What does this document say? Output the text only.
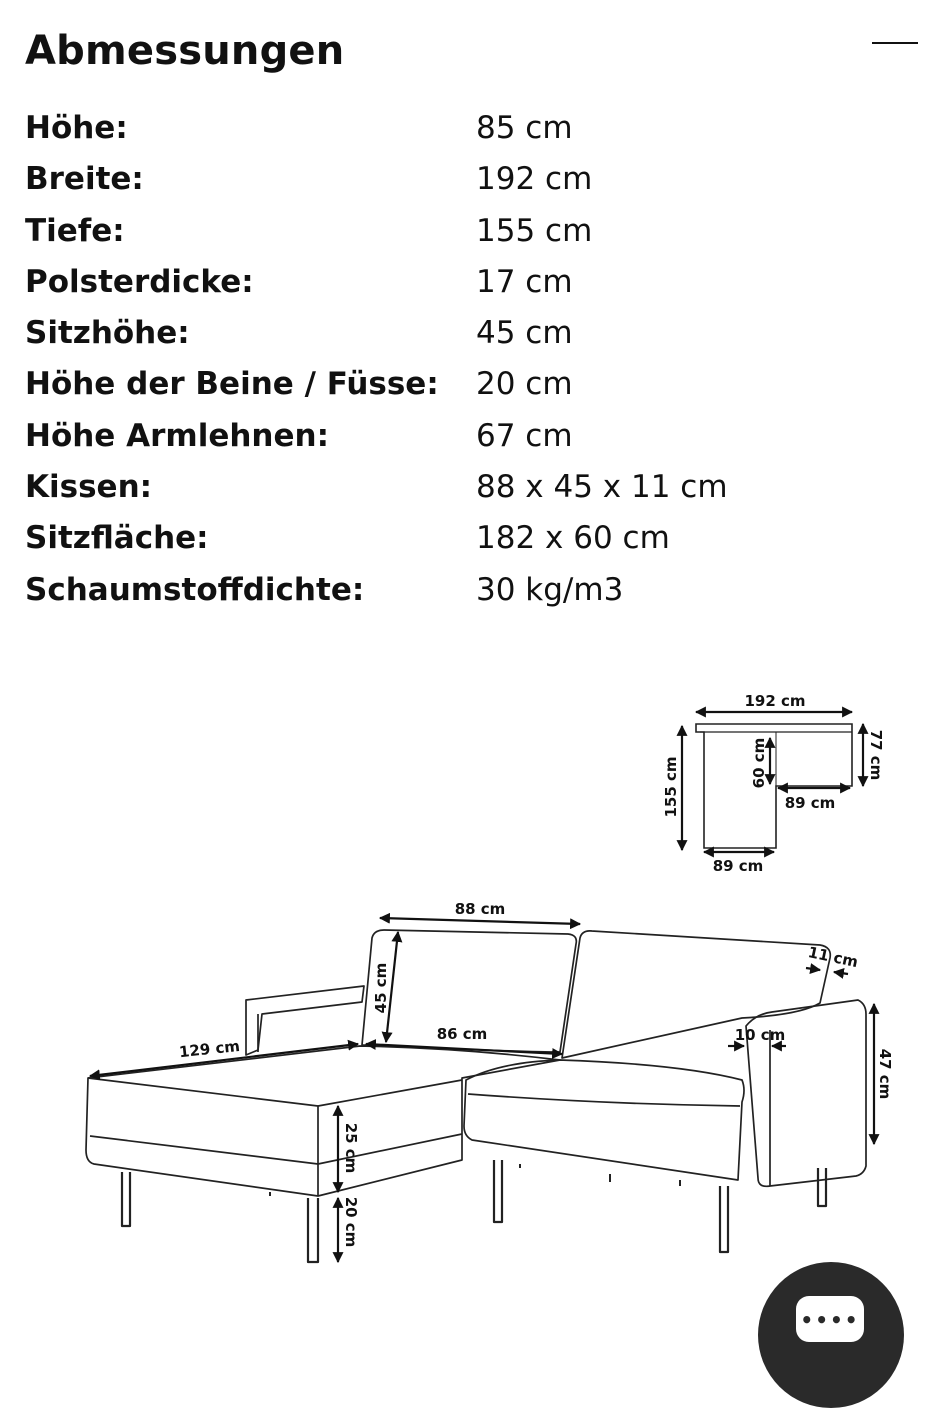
Abmessungen
Höhe:	85 cm
Breite:	192 cm
Tiefe:	155 cm
Polsterdicke:	17 cm
Sitzhöhe:	45 cm
Höhe der Beine / Füsse: 20 cm
Höhe Armlehnen:	67 cm
Kissen:	88 x 45 x 11 cm
Sitzfläche:	182 x 60 cm
Schaumstoffdichte:	30 kg/m3
192 cm
155 cm
77 cm
60 cm
89 cm
89 cm
88 cm
45 cm
11 cm
86 cm
129 cm
10 cm
47 cm
25 cm
20 cm
••••
